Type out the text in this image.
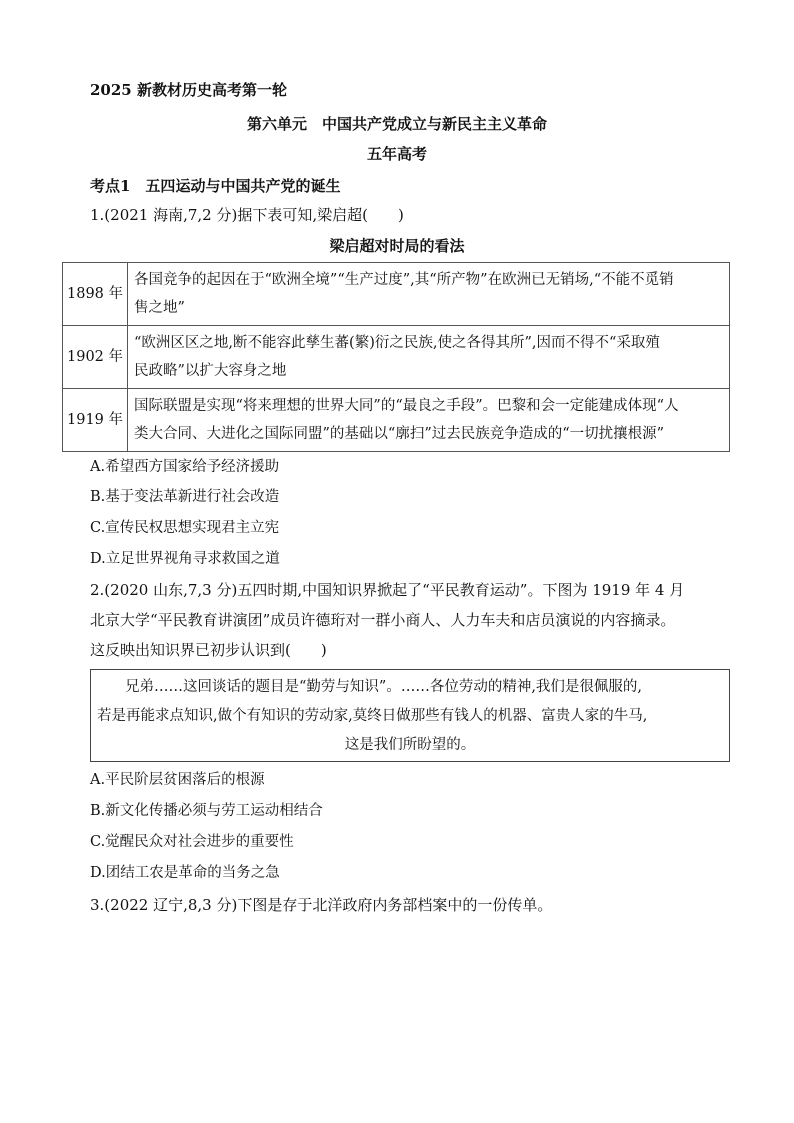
2025 新教材历史高考第一轮
第六单元　中国共产党成立与新民主主义革命
五年高考
考点1　五四运动与中国共产党的诞生
1.(2021 海南,7,2 分)据下表可知,梁启超(　　)
梁启超对时局的看法
1898 年	各国竞争的起因在于“欧洲全境”“生产过度”,其“所产物”在欧洲已无销场,“不能不觅销
售之地”

1902 年	“欧洲区区之地,断不能容此孳生蕃(繁)衍之民族,使之各得其所”,因而不得不“采取殖
民政略”以扩大容身之地

1919 年	国际联盟是实现“将来理想的世界大同”的“最良之手段”。巴黎和会一定能建成体现“人
类大合同、大进化之国际同盟”的基础以“廓扫”过去民族竞争造成的“一切扰攘根源”
A.希望西方国家给予经济援助
B.基于变法革新进行社会改造
C.宣传民权思想实现君主立宪
D.立足世界视角寻求救国之道
2.(2020 山东,7,3 分)五四时期,中国知识界掀起了“平民教育运动”。下图为 1919 年 4 月
北京大学“平民教育讲演团”成员许德珩对一群小商人、人力车夫和店员演说的内容摘录。
这反映出知识界已初步认识到(　　)
兄弟……这回谈话的题目是“勤劳与知识”。……各位劳动的精神,我们是很佩服的,
若是再能求点知识,做个有知识的劳动家,莫终日做那些有钱人的机器、富贵人家的牛马,
这是我们所盼望的。
A.平民阶层贫困落后的根源
B.新文化传播必须与劳工运动相结合
C.觉醒民众对社会进步的重要性
D.团结工农是革命的当务之急
3.(2022 辽宁,8,3 分)下图是存于北洋政府内务部档案中的一份传单。
